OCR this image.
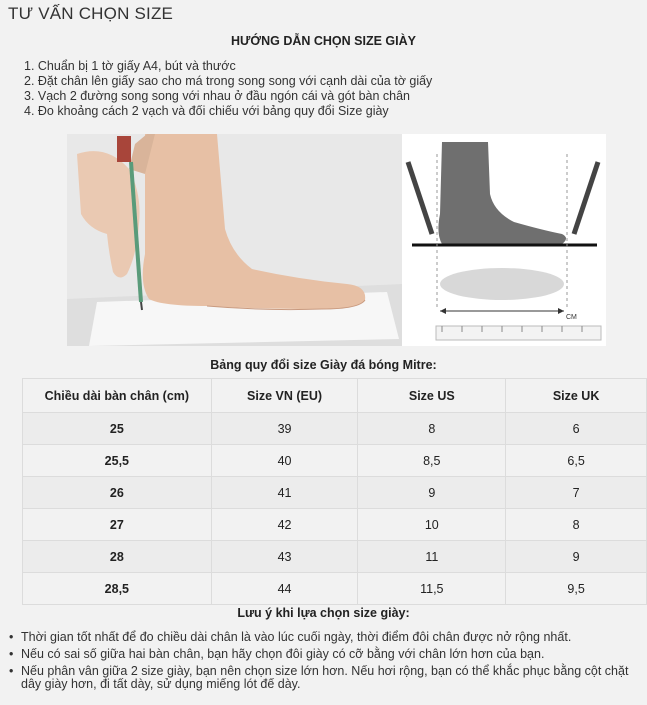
TƯ VẤN CHỌN SIZE
HƯỚNG DẪN CHỌN SIZE GIÀY
1. Chuẩn bị 1 tờ giấy A4, bút và thước
2. Đặt chân lên giấy sao cho má trong song song với cạnh dài của tờ giấy
3. Vạch 2 đường song song với nhau ở đầu ngón cái và gót bàn chân
4. Đo khoảng cách 2 vạch và đối chiếu với bảng quy đổi Size giày
CM
Bảng quy đổi size Giày đá bóng Mitre:
Chiều dài bàn chân (cm)	Size VN (EU)	Size US	Size UK
25	39	8	6
25,5	40	8,5	6,5
26	41	9	7
27	42	10	8
28	43	11	9
28,5	44	11,5	9,5
Lưu ý khi lựa chọn size giày:
• Thời gian tốt nhất để đo chiều dài chân là vào lúc cuối ngày, thời điểm đôi chân được nở rộng nhất.
• Nếu có sai số giữa hai bàn chân, bạn hãy chọn đôi giày có cỡ bằng với chân lớn hơn của bạn.
• Nếu phân vân giữa 2 size giày, bạn nên chọn size lớn hơn. Nếu hơi rộng, bạn có thể khắc phục bằng cột chặt dây giày hơn, đi tất dày, sử dụng miếng lót đế dày.
